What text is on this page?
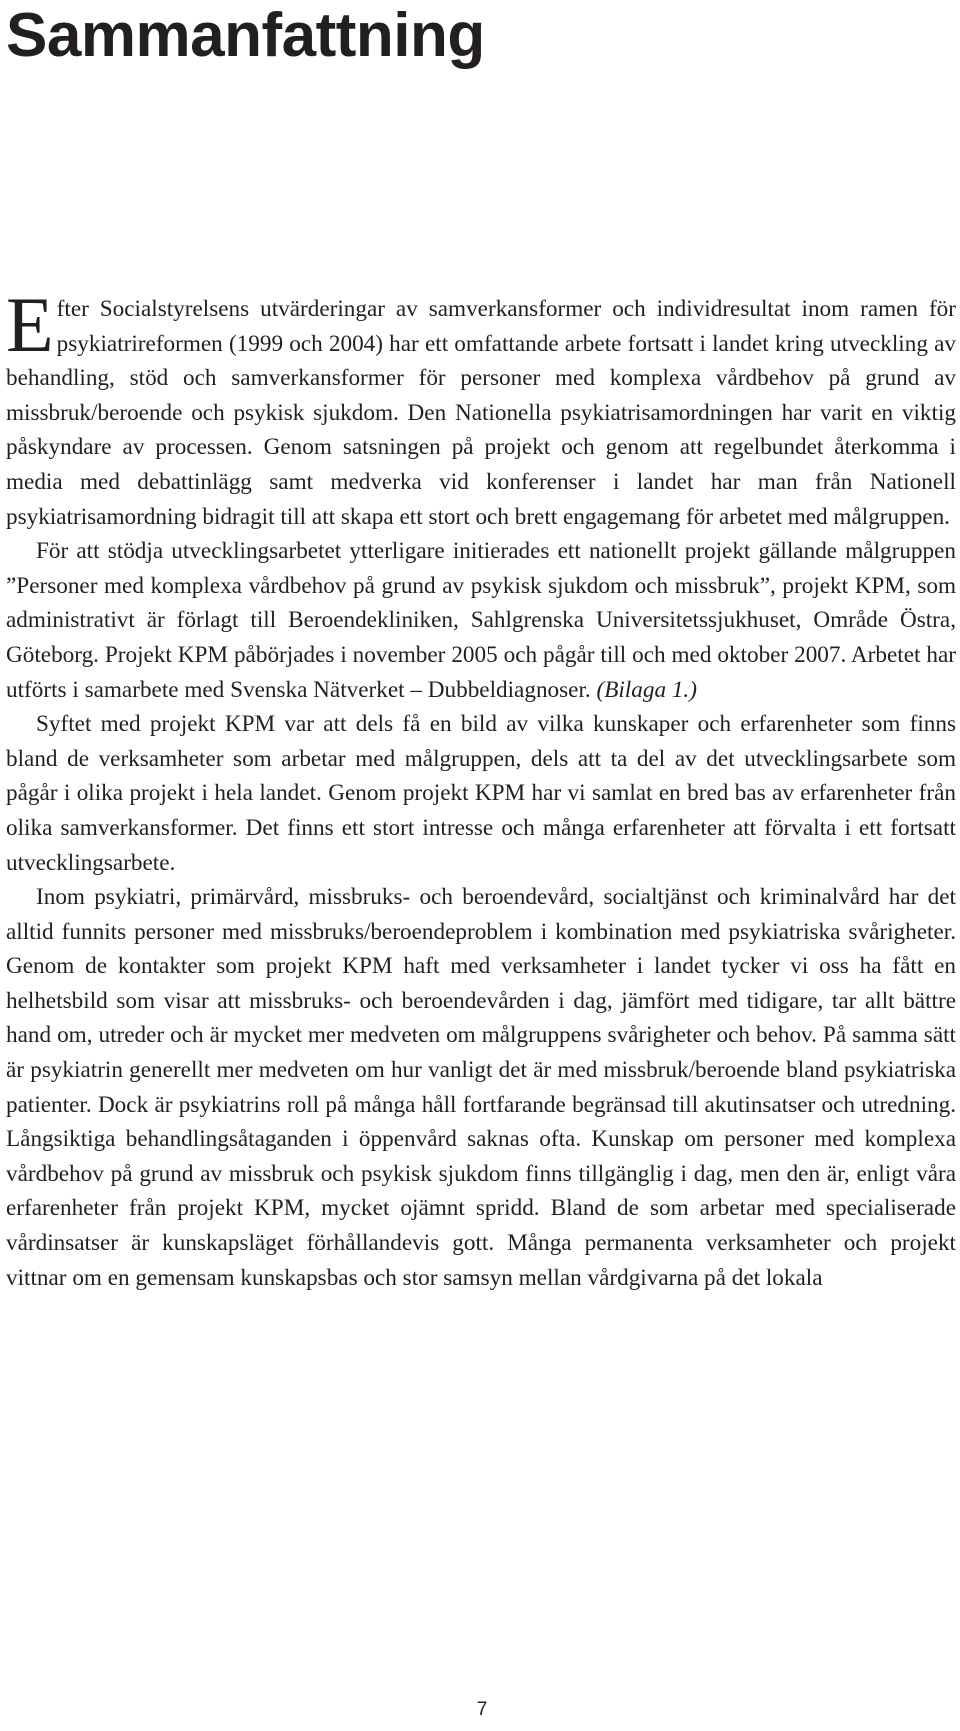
Sammanfattning

Efter Socialstyrelsens utvärderingar av samverkansformer och individresultat inom ramen för psykiatrireformen (1999 och 2004) har ett omfattande arbete fortsatt i landet kring utveckling av behandling, stöd och samverkansformer för personer med komplexa vårdbehov på grund av missbruk/beroende och psykisk sjukdom. Den Nationella psykiatrisamordningen har varit en viktig påskyndare av processen. Genom satsningen på projekt och genom att regelbundet återkomma i media med debattinlägg samt medverka vid konferenser i landet har man från Nationell psykiatrisamordning bidragit till att skapa ett stort och brett engagemang för arbetet med målgruppen.

För att stödja utvecklingsarbetet ytterligare initierades ett nationellt projekt gällande målgruppen ”Personer med komplexa vårdbehov på grund av psykisk sjukdom och missbruk”, projekt KPM, som administrativt är förlagt till Beroendekliniken, Sahlgrenska Universitetssjukhuset, Område Östra, Göteborg. Projekt KPM påbörjades i november 2005 och pågår till och med oktober 2007. Arbetet har utförts i samarbete med Svenska Nätverket – Dubbeldiagnoser. (Bilaga 1.)

Syftet med projekt KPM var att dels få en bild av vilka kunskaper och erfarenheter som finns bland de verksamheter som arbetar med målgruppen, dels att ta del av det utvecklingsarbete som pågår i olika projekt i hela landet. Genom projekt KPM har vi samlat en bred bas av erfarenheter från olika samverkansformer. Det finns ett stort intresse och många erfarenheter att förvalta i ett fortsatt utvecklingsarbete.

Inom psykiatri, primärvård, missbruks- och beroendevård, socialtjänst och kriminalvård har det alltid funnits personer med missbruks/beroendeproblem i kombination med psykiatriska svårigheter. Genom de kontakter som projekt KPM haft med verksamheter i landet tycker vi oss ha fått en helhetsbild som visar att missbruks- och beroendevården i dag, jämfört med tidigare, tar allt bättre hand om, utreder och är mycket mer medveten om målgruppens svårigheter och behov. På samma sätt är psykiatrin generellt mer medveten om hur vanligt det är med missbruk/beroende bland psykiatriska patienter. Dock är psykiatrins roll på många håll fortfarande begränsad till akutinsatser och utredning. Långsiktiga behandlingsåtaganden i öppenvård saknas ofta. Kunskap om personer med komplexa vårdbehov på grund av missbruk och psykisk sjukdom finns tillgänglig i dag, men den är, enligt våra erfarenheter från projekt KPM, mycket ojämnt spridd. Bland de som arbetar med specialiserade vårdinsatser är kunskapsläget förhållandevis gott. Många permanenta verksamheter och projekt vittnar om en gemensam kunskapsbas och stor samsyn mellan vårdgivarna på det lokala

7
